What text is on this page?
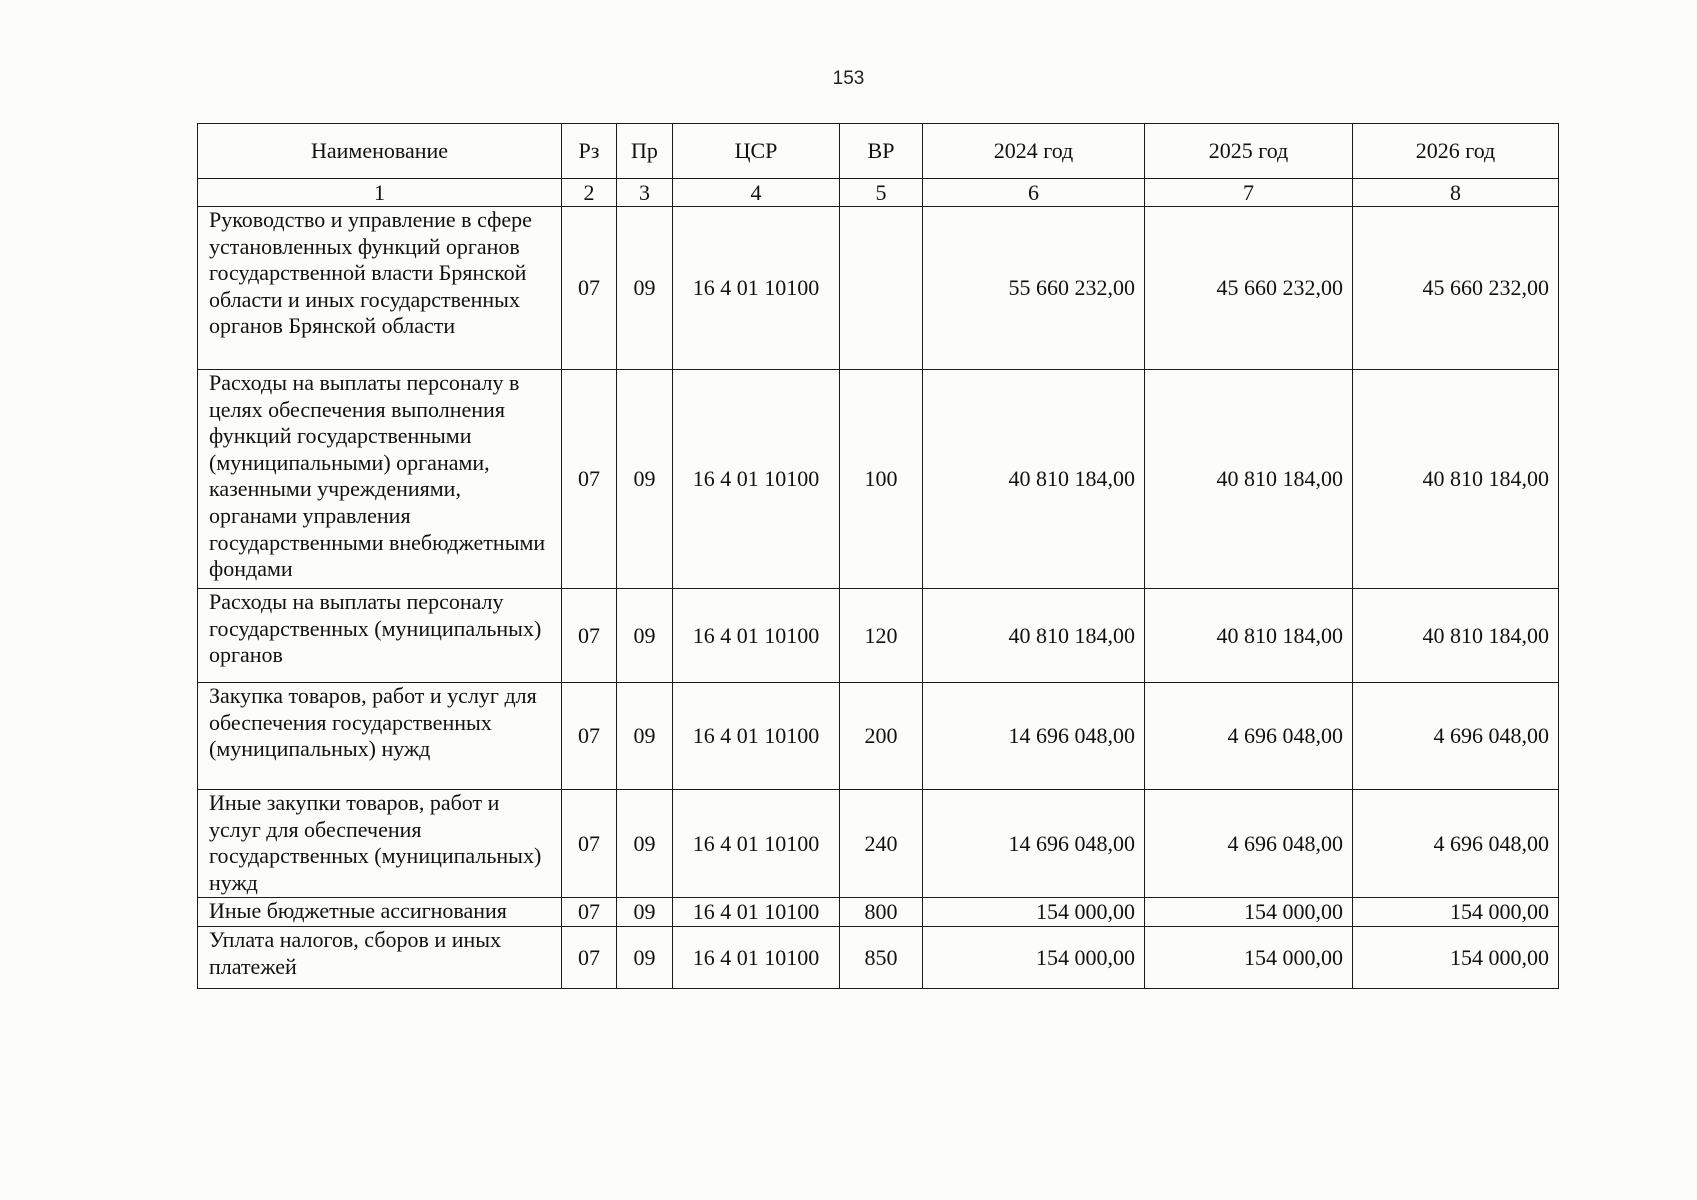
153
Наименование	Рз	Пр	ЦСР	ВР	2024 год	2025 год	2026 год
1	2	3	4	5	6	7	8
Руководство и управление в сфере установленных функций органов государственной власти Брянской области и иных государственных органов Брянской области	07	09	16 4 01 10100		55 660 232,00	45 660 232,00	45 660 232,00
Расходы на выплаты персоналу в целях обеспечения выполнения функций государственными (муниципальными) органами, казенными учреждениями, органами управления государственными внебюджетными фондами	07	09	16 4 01 10100	100	40 810 184,00	40 810 184,00	40 810 184,00
Расходы на выплаты персоналу государственных (муниципальных) органов	07	09	16 4 01 10100	120	40 810 184,00	40 810 184,00	40 810 184,00
Закупка товаров, работ и услуг для обеспечения государственных (муниципальных) нужд	07	09	16 4 01 10100	200	14 696 048,00	4 696 048,00	4 696 048,00
Иные закупки товаров, работ и услуг для обеспечения государственных (муниципальных) нужд	07	09	16 4 01 10100	240	14 696 048,00	4 696 048,00	4 696 048,00
Иные бюджетные ассигнования	07	09	16 4 01 10100	800	154 000,00	154 000,00	154 000,00
Уплата налогов, сборов и иных платежей	07	09	16 4 01 10100	850	154 000,00	154 000,00	154 000,00
